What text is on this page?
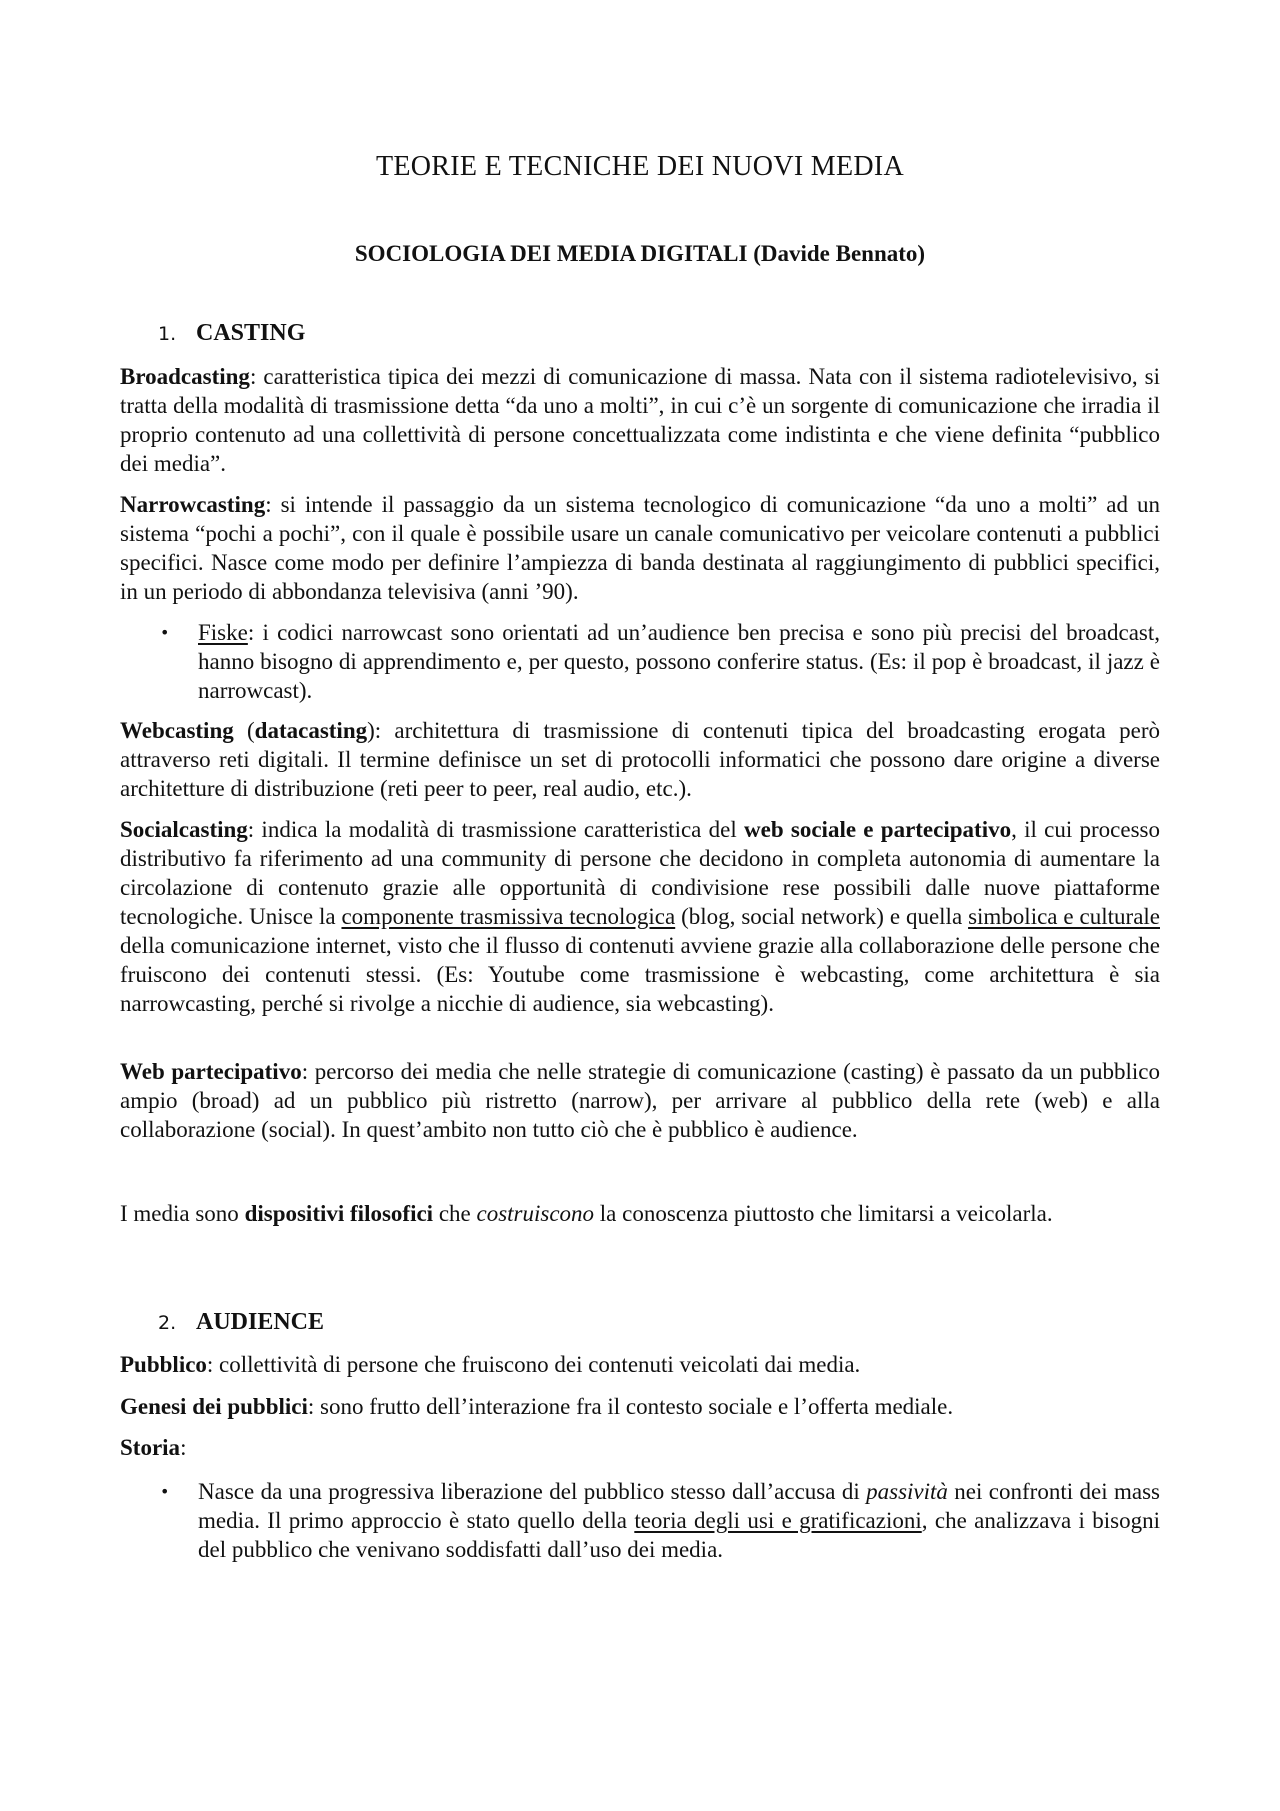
TEORIE E TECNICHE DEI NUOVI MEDIA
SOCIOLOGIA DEI MEDIA DIGITALI (Davide Bennato)
1. CASTING
Broadcasting: caratteristica tipica dei mezzi di comunicazione di massa. Nata con il sistema radiotelevisivo, si tratta della modalità di trasmissione detta “da uno a molti”, in cui c’è un sorgente di comunicazione che irradia il proprio contenuto ad una collettività di persone concettualizzata come indistinta e che viene definita “pubblico dei media”.
Narrowcasting: si intende il passaggio da un sistema tecnologico di comunicazione “da uno a molti” ad un sistema “pochi a pochi”, con il quale è possibile usare un canale comunicativo per veicolare contenuti a pubblici specifici. Nasce come modo per definire l’ampiezza di banda destinata al raggiungimento di pubblici specifici, in un periodo di abbondanza televisiva (anni ’90).
• Fiske: i codici narrowcast sono orientati ad un’audience ben precisa e sono più precisi del broadcast, hanno bisogno di apprendimento e, per questo, possono conferire status. (Es: il pop è broadcast, il jazz è narrowcast).
Webcasting (datacasting): architettura di trasmissione di contenuti tipica del broadcasting erogata però attraverso reti digitali. Il termine definisce un set di protocolli informatici che possono dare origine a diverse architetture di distribuzione (reti peer to peer, real audio, etc.).
Socialcasting: indica la modalità di trasmissione caratteristica del web sociale e partecipativo, il cui processo distributivo fa riferimento ad una community di persone che decidono in completa autonomia di aumentare la circolazione di contenuto grazie alle opportunità di condivisione rese possibili dalle nuove piattaforme tecnologiche. Unisce la componente trasmissiva tecnologica (blog, social network) e quella simbolica e culturale della comunicazione internet, visto che il flusso di contenuti avviene grazie alla collaborazione delle persone che fruiscono dei contenuti stessi. (Es: Youtube come trasmissione è webcasting, come architettura è sia narrowcasting, perché si rivolge a nicchie di audience, sia webcasting).
Web partecipativo: percorso dei media che nelle strategie di comunicazione (casting) è passato da un pubblico ampio (broad) ad un pubblico più ristretto (narrow), per arrivare al pubblico della rete (web) e alla collaborazione (social). In quest’ambito non tutto ciò che è pubblico è audience.
I media sono dispositivi filosofici che costruiscono la conoscenza piuttosto che limitarsi a veicolarla.
2. AUDIENCE
Pubblico: collettività di persone che fruiscono dei contenuti veicolati dai media.
Genesi dei pubblici: sono frutto dell’interazione fra il contesto sociale e l’offerta mediale.
Storia:
• Nasce da una progressiva liberazione del pubblico stesso dall’accusa di passività nei confronti dei mass media. Il primo approccio è stato quello della teoria degli usi e gratificazioni, che analizzava i bisogni del pubblico che venivano soddisfatti dall’uso dei media.
